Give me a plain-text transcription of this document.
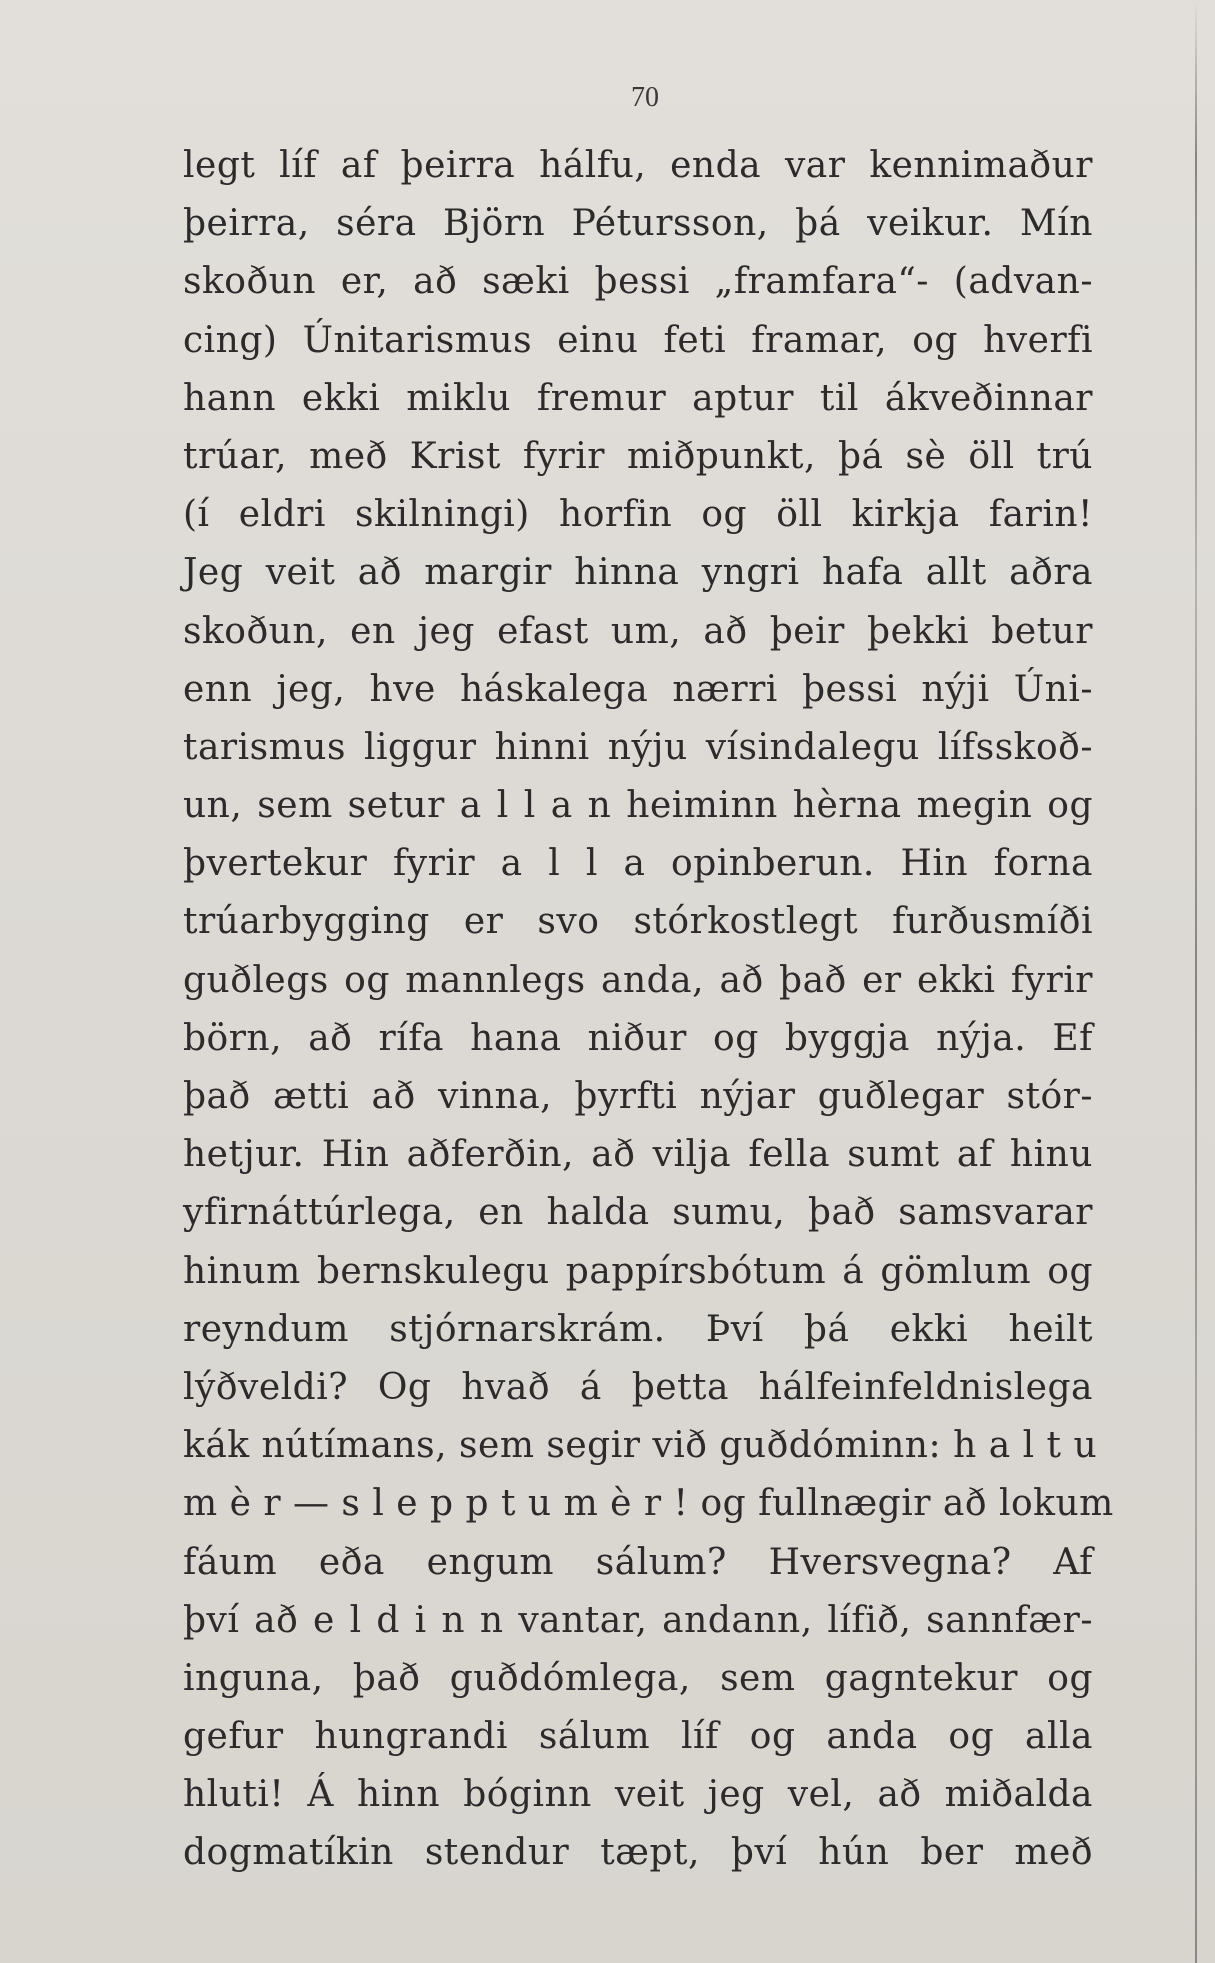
70
legt líf af þeirra hálfu, enda var kennimaður
þeirra, séra Björn Pétursson, þá veikur. Mín
skoðun er, að sæki þessi „framfara“- (advan-
cing) Únitarismus einu feti framar, og hverfi
hann ekki miklu fremur aptur til ákveðinnar
trúar, með Krist fyrir miðpunkt, þá sè öll trú
(í eldri skilningi) horfin og öll kirkja farin!
Jeg veit að margir hinna yngri hafa allt aðra
skoðun, en jeg efast um, að þeir þekki betur
enn jeg, hve háskalega nærri þessi nýji Úni-
tarismus liggur hinni nýju vísindalegu lífsskoð-
un, sem setur a l l a n heiminn hèrna megin og
þvertekur fyrir a l l a opinberun. Hin forna
trúarbygging er svo stórkostlegt furðusmíði
guðlegs og mannlegs anda, að það er ekki fyrir
börn, að rífa hana niður og byggja nýja. Ef
það ætti að vinna, þyrfti nýjar guðlegar stór-
hetjur. Hin aðferðin, að vilja fella sumt af hinu
yfirnáttúrlega, en halda sumu, það samsvarar
hinum bernskulegu pappírsbótum á gömlum og
reyndum stjórnarskrám. Því þá ekki heilt
lýðveldi? Og hvað á þetta hálfeinfeldnislega
kák nútímans, sem segir við guðdóminn: h a l t u
m è r — s l e p p t u m è r ! og fullnægir að lokum
fáum eða engum sálum? Hversvegna? Af
því að e l d i n n vantar, andann, lífið, sannfær-
inguna, það guðdómlega, sem gagntekur og
gefur hungrandi sálum líf og anda og alla
hluti! Á hinn bóginn veit jeg vel, að miðalda
dogmatíkin stendur tæpt, því hún ber með
